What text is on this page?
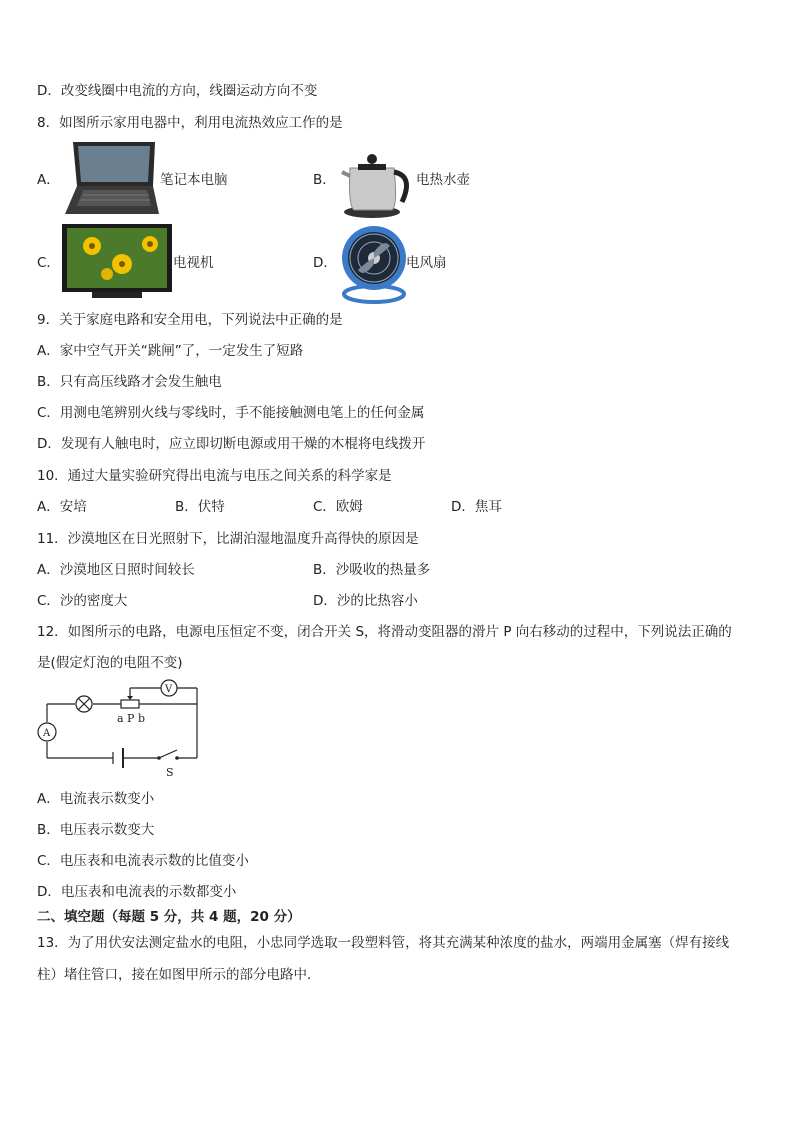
D．改变线圈中电流的方向，线圈运动方向不变
8．如图所示家用电器中，利用电流热效应工作的是
A．	笔记本电脑	B．	电热水壶
C．	电视机	D．	电风扇
9．关于家庭电路和安全用电，下列说法中正确的是
A．家中空气开关“跳闸”了，一定发生了短路
B．只有高压线路才会发生触电
C．用测电笔辨别火线与零线时，手不能接触测电笔上的任何金属
D．发现有人触电时，应立即切断电源或用干燥的木棍将电线拨开
10．通过大量实验研究得出电流与电压之间关系的科学家是
A．安培	B．伏特	C．欧姆	D．焦耳
11．沙漠地区在日光照射下，比湖泊湿地温度升高得快的原因是
A．沙漠地区日照时间较长	B．沙吸收的热量多
C．沙的密度大	D．沙的比热容小
12．如图所示的电路，电源电压恒定不变，闭合开关 S，将滑动变阻器的滑片 P 向右移动的过程中，下列说法正确的
是(假定灯泡的电阻不变)
V
A
a P b
S
A．电流表示数变小
B．电压表示数变大
C．电压表和电流表示数的比值变小
D．电压表和电流表的示数都变小
二、填空题（每题 5 分，共 4 题，20 分）
13．为了用伏安法测定盐水的电阻，小忠同学选取一段塑料管，将其充满某种浓度的盐水，两端用金属塞（焊有接线
柱）堵住管口，接在如图甲所示的部分电路中．
